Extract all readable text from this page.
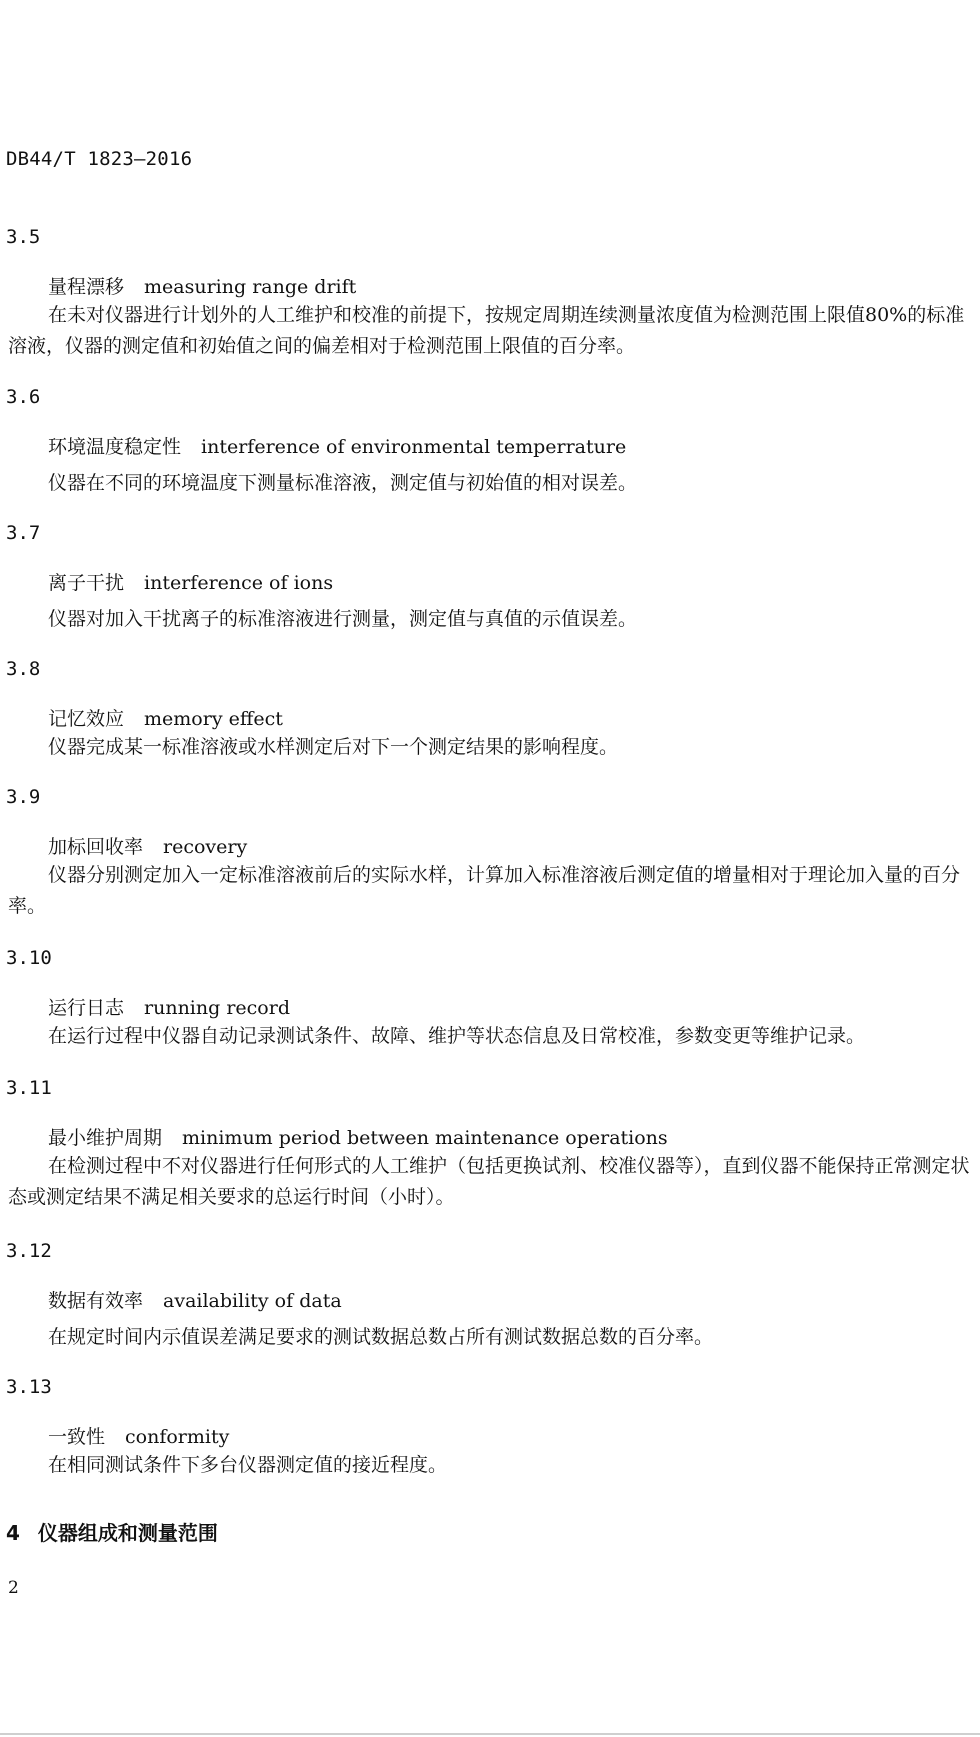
DB44/T 1823—2016
3.5
量程漂移 measuring range drift
在未对仪器进行计划外的人工维护和校准的前提下，按规定周期连续测量浓度值为检测范围上限值80%的标准溶液，仪器的测定值和初始值之间的偏差相对于检测范围上限值的百分率。
3.6
环境温度稳定性 interference of environmental temperrature
仪器在不同的环境温度下测量标准溶液，测定值与初始值的相对误差。
3.7
离子干扰 interference of ions
仪器对加入干扰离子的标准溶液进行测量，测定值与真值的示值误差。
3.8
记忆效应 memory effect
仪器完成某一标准溶液或水样测定后对下一个测定结果的影响程度。
3.9
加标回收率 recovery
仪器分别测定加入一定标准溶液前后的实际水样，计算加入标准溶液后测定值的增量相对于理论加入量的百分率。
3.10
运行日志 running record
在运行过程中仪器自动记录测试条件、故障、维护等状态信息及日常校准，参数变更等维护记录。
3.11
最小维护周期 minimum period between maintenance operations
在检测过程中不对仪器进行任何形式的人工维护（包括更换试剂、校准仪器等），直到仪器不能保持正常测定状态或测定结果不满足相关要求的总运行时间（小时）。
3.12
数据有效率 availability of data
在规定时间内示值误差满足要求的测试数据总数占所有测试数据总数的百分率。
3.13
一致性 conformity
在相同测试条件下多台仪器测定值的接近程度。
4 仪器组成和测量范围
2
